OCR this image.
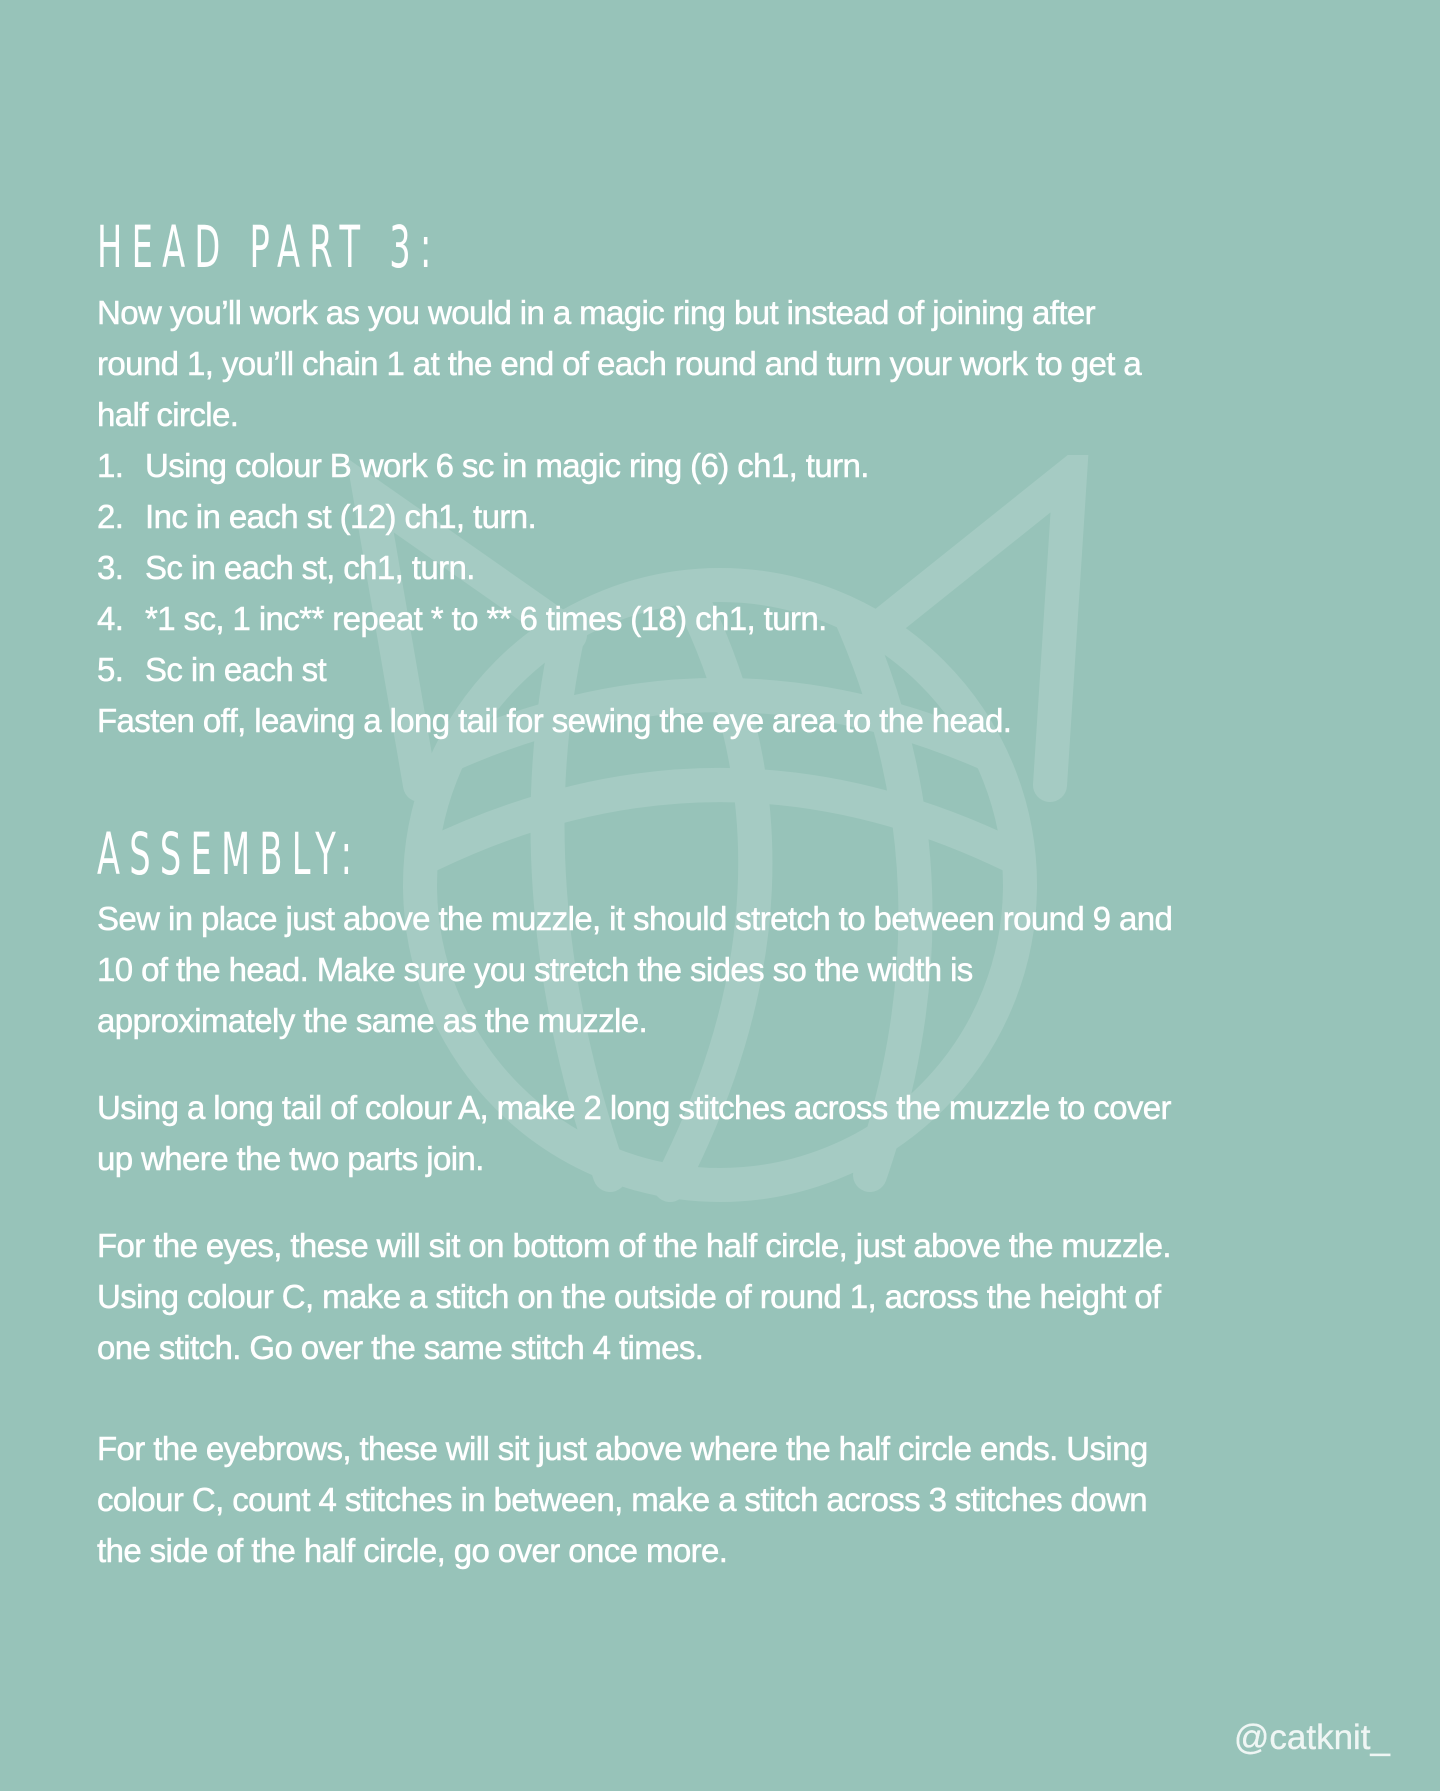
HEAD PART 3:

Now you’ll work as you would in a magic ring but instead of joining after
round 1, you’ll chain 1 at the end of each round and turn your work to get a
half circle.

1. Using colour B work 6 sc in magic ring (6) ch1, turn.
2. Inc in each st (12) ch1, turn.
3. Sc in each st, ch1, turn.
4. *1 sc, 1 inc** repeat * to ** 6 times (18) ch1, turn.
5. Sc in each st

Fasten off, leaving a long tail for sewing the eye area to the head.

ASSEMBLY:

Sew in place just above the muzzle, it should stretch to between round 9 and
10 of the head. Make sure you stretch the sides so the width is
approximately the same as the muzzle.

Using a long tail of colour A, make 2 long stitches across the muzzle to cover
up where the two parts join.

For the eyes, these will sit on bottom of the half circle, just above the muzzle.
Using colour C, make a stitch on the outside of round 1, across the height of
one stitch. Go over the same stitch 4 times.

For the eyebrows, these will sit just above where the half circle ends. Using
colour C, count 4 stitches in between, make a stitch across 3 stitches down
the side of the half circle, go over once more.

@catknit_
